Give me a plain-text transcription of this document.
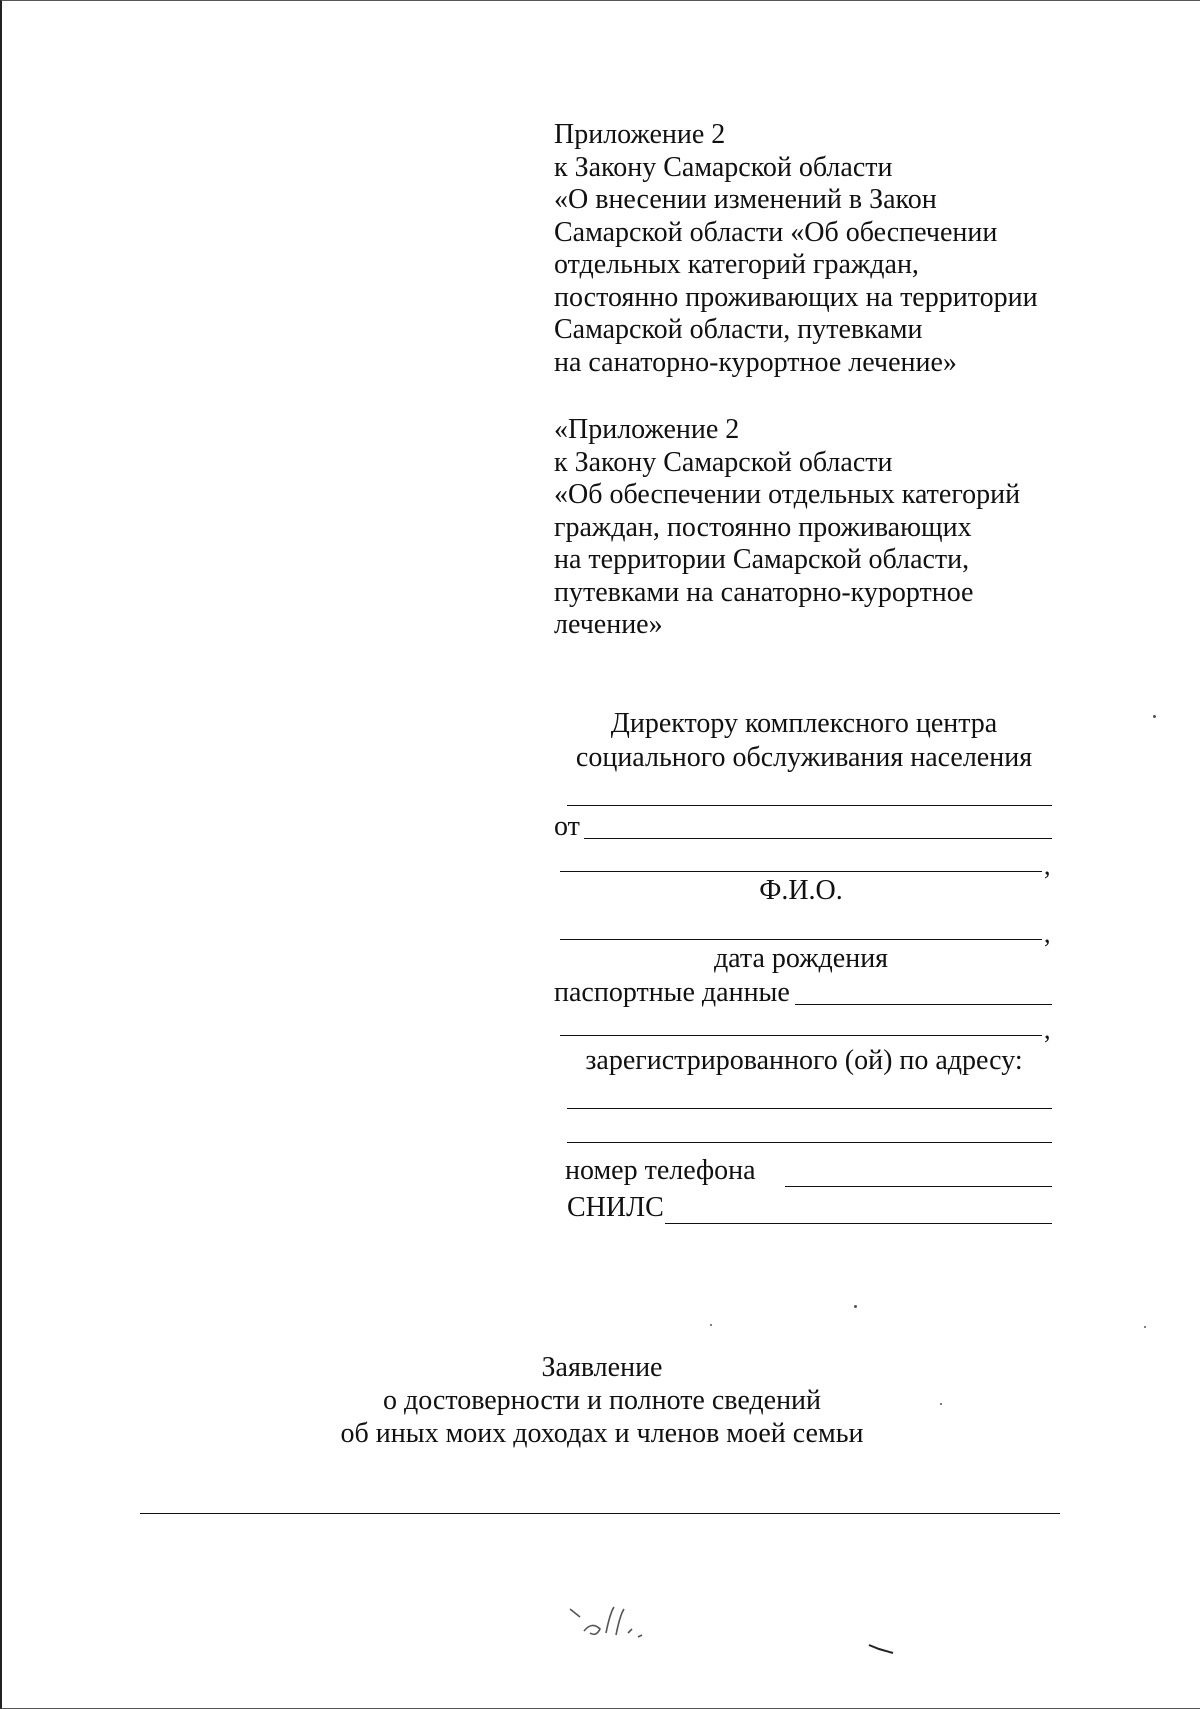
Приложение 2
к Закону Самарской области
«О внесении изменений в Закон
Самарской области «Об обеспечении
отдельных категорий граждан,
постоянно проживающих на территории
Самарской области, путевками
на санаторно-курортное лечение»
«Приложение 2
к Закону Самарской области
«Об обеспечении отдельных категорий
граждан, постоянно проживающих
на территории Самарской области,
путевками на санаторно-курортное
лечение»
Директору комплексного центра
социального обслуживания населения
от
,
Ф.И.О.
,
дата рождения
паспортные данные
,
зарегистрированного (ой) по адресу:
номер телефона
СНИЛС
Заявление
о достоверности и полноте сведений
об иных моих доходах и членов моей семьи
